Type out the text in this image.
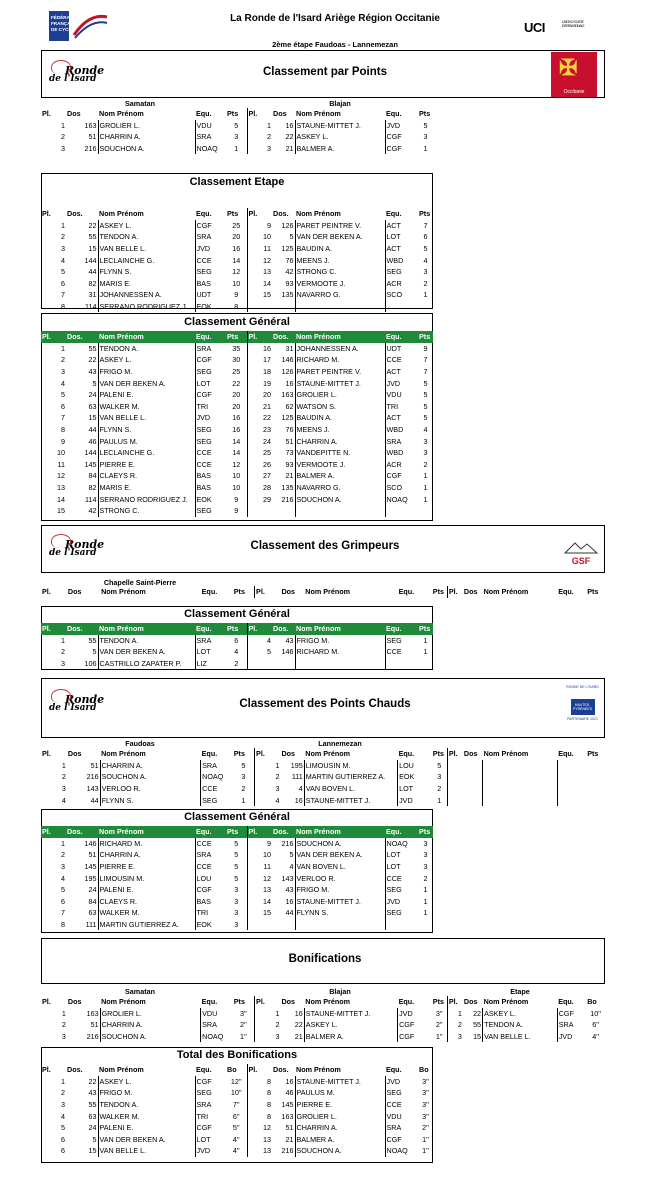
FÉDÉRATION
FRANÇAISE
DE CYCLISME
La Ronde de l'Isard Ariège Région Occitanie
2ème étape Faudoas - Lannemezan
UCI	UNION CYCLISTE INTERNATIONALE
Ronde
de l'Isard
Classement par Points	✠
Occitanie
Samatan	Blajan
Pl.	Dos	Nom Prénom	Equ.	Pts	Pl.	Dos	Nom Prénom	Equ.	Pts
1	163	GROLIER L.	VDU	5	1	16	STAUNE-MITTET J.	JVD	5
2	51	CHARRIN A.	SRA	3	2	22	ASKEY L.	CGF	3
3	216	SOUCHON A.	NOAQ	1	3	21	BALMER A.	CGF	1
Classement Etape
Pl.	Dos.	Nom Prénom	Equ.	Pts	Pl.	Dos.	Nom Prénom	Equ.	Pts
1	22	ASKEY L.	CGF	25	9	126	PARET PEINTRE V.	ACT	7
2	55	TENDON A.	SRA	20	10	5	VAN DER BEKEN A.	LOT	6
3	15	VAN BELLE L.	JVD	16	11	125	BAUDIN A.	ACT	5
4	144	LECLAINCHE G.	CCE	14	12	76	MEENS J.	WBD	4
5	44	FLYNN S.	SEG	12	13	42	STRONG C.	SEG	3
6	82	MARIS E.	BAS	10	14	93	VERMOOTE J.	ACR	2
7	31	JOHANNESSEN A.	UDT	9	15	135	NAVARRO G.	SCO	1
8	114	SERRANO RODRIGUEZ J.	EOK	8					
Classement Général
Pl.	Dos.	Nom Prénom	Equ.	Pts	Pl.	Dos.	Nom Prénom	Equ.	Pts
1	55	TENDON A.	SRA	35	16	31	JOHANNESSEN A.	UDT	9
2	22	ASKEY L.	CGF	30	17	146	RICHARD M.	CCE	7
3	43	FRIGO M.	SEG	25	18	126	PARET PEINTRE V.	ACT	7
4	5	VAN DER BEKEN A.	LOT	22	19	16	STAUNE-MITTET J.	JVD	5
5	24	PALENI E.	CGF	20	20	163	GROLIER L.	VDU	5
6	63	WALKER M.	TRI	20	21	62	WATSON S.	TRI	5
7	15	VAN BELLE L.	JVD	16	22	125	BAUDIN A.	ACT	5
8	44	FLYNN S.	SEG	16	23	76	MEENS J.	WBD	4
9	46	PAULUS M.	SEG	14	24	51	CHARRIN A.	SRA	3
10	144	LECLAINCHE G.	CCE	14	25	73	VANDEPITTE N.	WBD	3
11	145	PIERRE E.	CCE	12	26	93	VERMOOTE J.	ACR	2
12	84	CLAEYS R.	BAS	10	27	21	BALMER A.	CGF	1
13	82	MARIS E.	BAS	10	28	135	NAVARRO G.	SCO	1
14	114	SERRANO RODRIGUEZ J.	EOK	9	29	216	SOUCHON A.	NOAQ	1
15	42	STRONG C.	SEG	9					
Ronde
de l'Isard
Classement des Grimpeurs
GSF
Chapelle Saint-Pierre
Pl.	Dos	Nom Prénom	Equ.	Pts	Pl.	Dos	Nom Prénom	Equ.	Pts	Pl.	Dos	Nom Prénom	Equ.	Pts
Classement Général
Pl.	Dos.	Nom Prénom	Equ.	Pts	Pl.	Dos.	Nom Prénom	Equ.	Pts
1	55	TENDON A.	SRA	6	4	43	FRIGO M.	SEG	1
2	5	VAN DER BEKEN A.	LOT	4	5	146	RICHARD M.	CCE	1
3	106	CASTRILLO ZAPATER P.	LIZ	2					
Ronde
de l'Isard	Classement des Points Chauds
RONDE DE L'ISARD
HAUTES-PYRÉNÉES
PARTENAIRE 2021
Faudoas	Lannemezan
Pl.	Dos	Nom Prénom	Equ.	Pts	Pl.	Dos	Nom Prénom	Equ.	Pts	Pl.	Dos	Nom Prénom	Equ.	Pts
1	51	CHARRIN A.	SRA	5	1	195	LIMOUSIN M.	LOU	5					
2	216	SOUCHON A.	NOAQ	3	2	111	MARTIN GUTIERREZ A.	EOK	3					
3	143	VERLOO R.	CCE	2	3	4	VAN BOVEN L.	LOT	2					
4	44	FLYNN S.	SEG	1	4	16	STAUNE-MITTET J.	JVD	1					
Classement Général
Pl.	Dos.	Nom Prénom	Equ.	Pts	Pl.	Dos.	Nom Prénom	Equ.	Pts
1	146	RICHARD M.	CCE	5	9	216	SOUCHON A.	NOAQ	3
2	51	CHARRIN A.	SRA	5	10	5	VAN DER BEKEN A.	LOT	3
3	145	PIERRE E.	CCE	5	11	4	VAN BOVEN L.	LOT	3
4	195	LIMOUSIN M.	LOU	5	12	143	VERLOO R.	CCE	2
5	24	PALENI E.	CGF	3	13	43	FRIGO M.	SEG	1
6	84	CLAEYS R.	BAS	3	14	16	STAUNE-MITTET J.	JVD	1
7	63	WALKER M.	TRI	3	15	44	FLYNN S.	SEG	1
8	111	MARTIN GUTIERREZ A.	EOK	3					
Bonifications
Samatan	Blajan	Etape
Pl.	Dos	Nom Prénom	Equ.	Pts	Pl.	Dos	Nom Prénom	Equ.	Pts	Pl.	Dos	Nom Prénom	Equ.	Bo
1	163	GROLIER L.	VDU	3''	1	16	STAUNE-MITTET J.	JVD	3''	1	22	ASKEY L.	CGF	10''
2	51	CHARRIN A.	SRA	2''	2	22	ASKEY L.	CGF	2''	2	55	TENDON A.	SRA	6''
3	216	SOUCHON A.	NOAQ	1''	3	21	BALMER A.	CGF	1''	3	15	VAN BELLE L.	JVD	4''
Total des Bonifications
Pl.	Dos.	Nom Prénom	Equ.	Bo	Pl.	Dos.	Nom Prénom	Equ.	Bo
1	22	ASKEY L.	CGF	12''	8	16	STAUNE-MITTET J.	JVD	3''
2	43	FRIGO M.	SEG	10''	8	46	PAULUS M.	SEG	3''
3	55	TENDON A.	SRA	7''	8	145	PIERRE E.	CCE	3''
4	63	WALKER M.	TRI	6''	8	163	GROLIER L.	VDU	3''
5	24	PALENI E.	CGF	5''	12	51	CHARRIN A.	SRA	2''
6	5	VAN DER BEKEN A.	LOT	4''	13	21	BALMER A.	CGF	1''
6	15	VAN BELLE L.	JVD	4''	13	216	SOUCHON A.	NOAQ	1''
